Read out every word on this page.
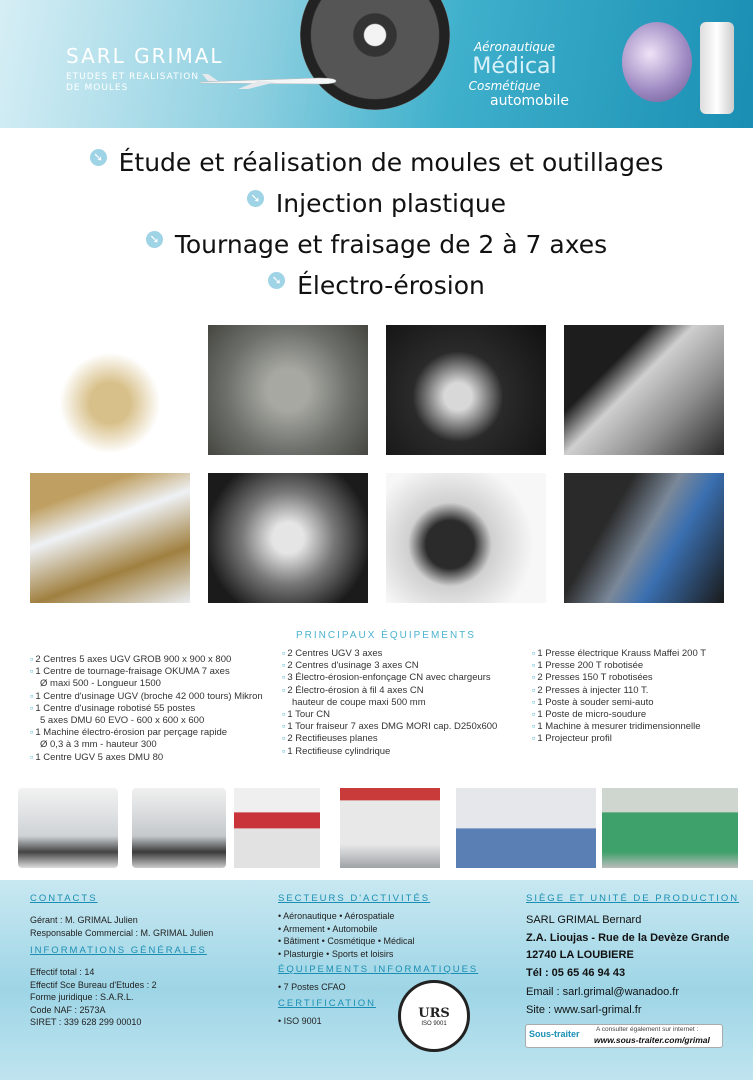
SARL GRIMAL
ETUDES ET REALISATION
DE MOULES
Aéronautique
Médical
Cosmétique
automobile
➘ Étude et réalisation de moules et outillages
➘ Injection plastique
➘ Tournage et fraisage de 2 à 7 axes
➘ Électro-érosion
PRINCIPAUX ÉQUIPEMENTS
▫ 2 Centres 5 axes UGV GROB 900 x 900 x 800
▫ 1 Centre de tournage-fraisage OKUMA 7 axes
Ø maxi 500 - Longueur 1500
▫ 1 Centre d'usinage UGV (broche 42 000 tours) Mikron
▫ 1 Centre d'usinage robotisé 55 postes
5 axes DMU 60 EVO - 600 x 600 x 600
▫ 1 Machine électro-érosion par perçage rapide
Ø 0,3 à 3 mm - hauteur 300
▫ 1 Centre UGV 5 axes DMU 80
▫ 2 Centres UGV 3 axes
▫ 2 Centres d'usinage 3 axes CN
▫ 3 Électro-érosion-enfonçage CN avec chargeurs
▫ 2 Électro-érosion à fil 4 axes CN
hauteur de coupe maxi 500 mm
▫ 1 Tour CN
▫ 1 Tour fraiseur 7 axes DMG MORI cap. D250x600
▫ 2 Rectifieuses planes
▫ 1 Rectifieuse cylindrique
▫ 1 Presse électrique Krauss Maffei 200 T
▫ 1 Presse 200 T robotisée
▫ 2 Presses 150 T robotisées
▫ 2 Presses à injecter 110 T.
▫ 1 Poste à souder semi-auto
▫ 1 Poste de micro-soudure
▫ 1 Machine à mesurer tridimensionnelle
▫ 1 Projecteur profil
CONTACTS
Gérant : M. GRIMAL Julien
Responsable Commercial : M. GRIMAL Julien
INFORMATIONS GÉNÉRALES
Effectif total : 14
Effectif Sce Bureau d'Etudes : 2
Forme juridique : S.A.R.L.
Code NAF : 2573A
SIRET : 339 628 299 00010
SECTEURS D'ACTIVITÉS
• Aéronautique • Aérospatiale
• Armement • Automobile
• Bâtiment • Cosmétique • Médical
• Plasturgie • Sports et loisirs
ÉQUIPEMENTS INFORMATIQUES
• 7 Postes CFAO
CERTIFICATION
• ISO 9001	URS
ISO 9001
SIÈGE ET UNITÉ DE PRODUCTION
SARL GRIMAL Bernard
Z.A. Lioujas - Rue de la Devèze Grande
12740 LA LOUBIERE
Tél : 05 65 46 94 43
Email : sarl.grimal@wanadoo.fr
Site : www.sarl-grimal.fr
Sous-traiter	A consulter également sur internet :
www.sous-traiter.com/grimal
